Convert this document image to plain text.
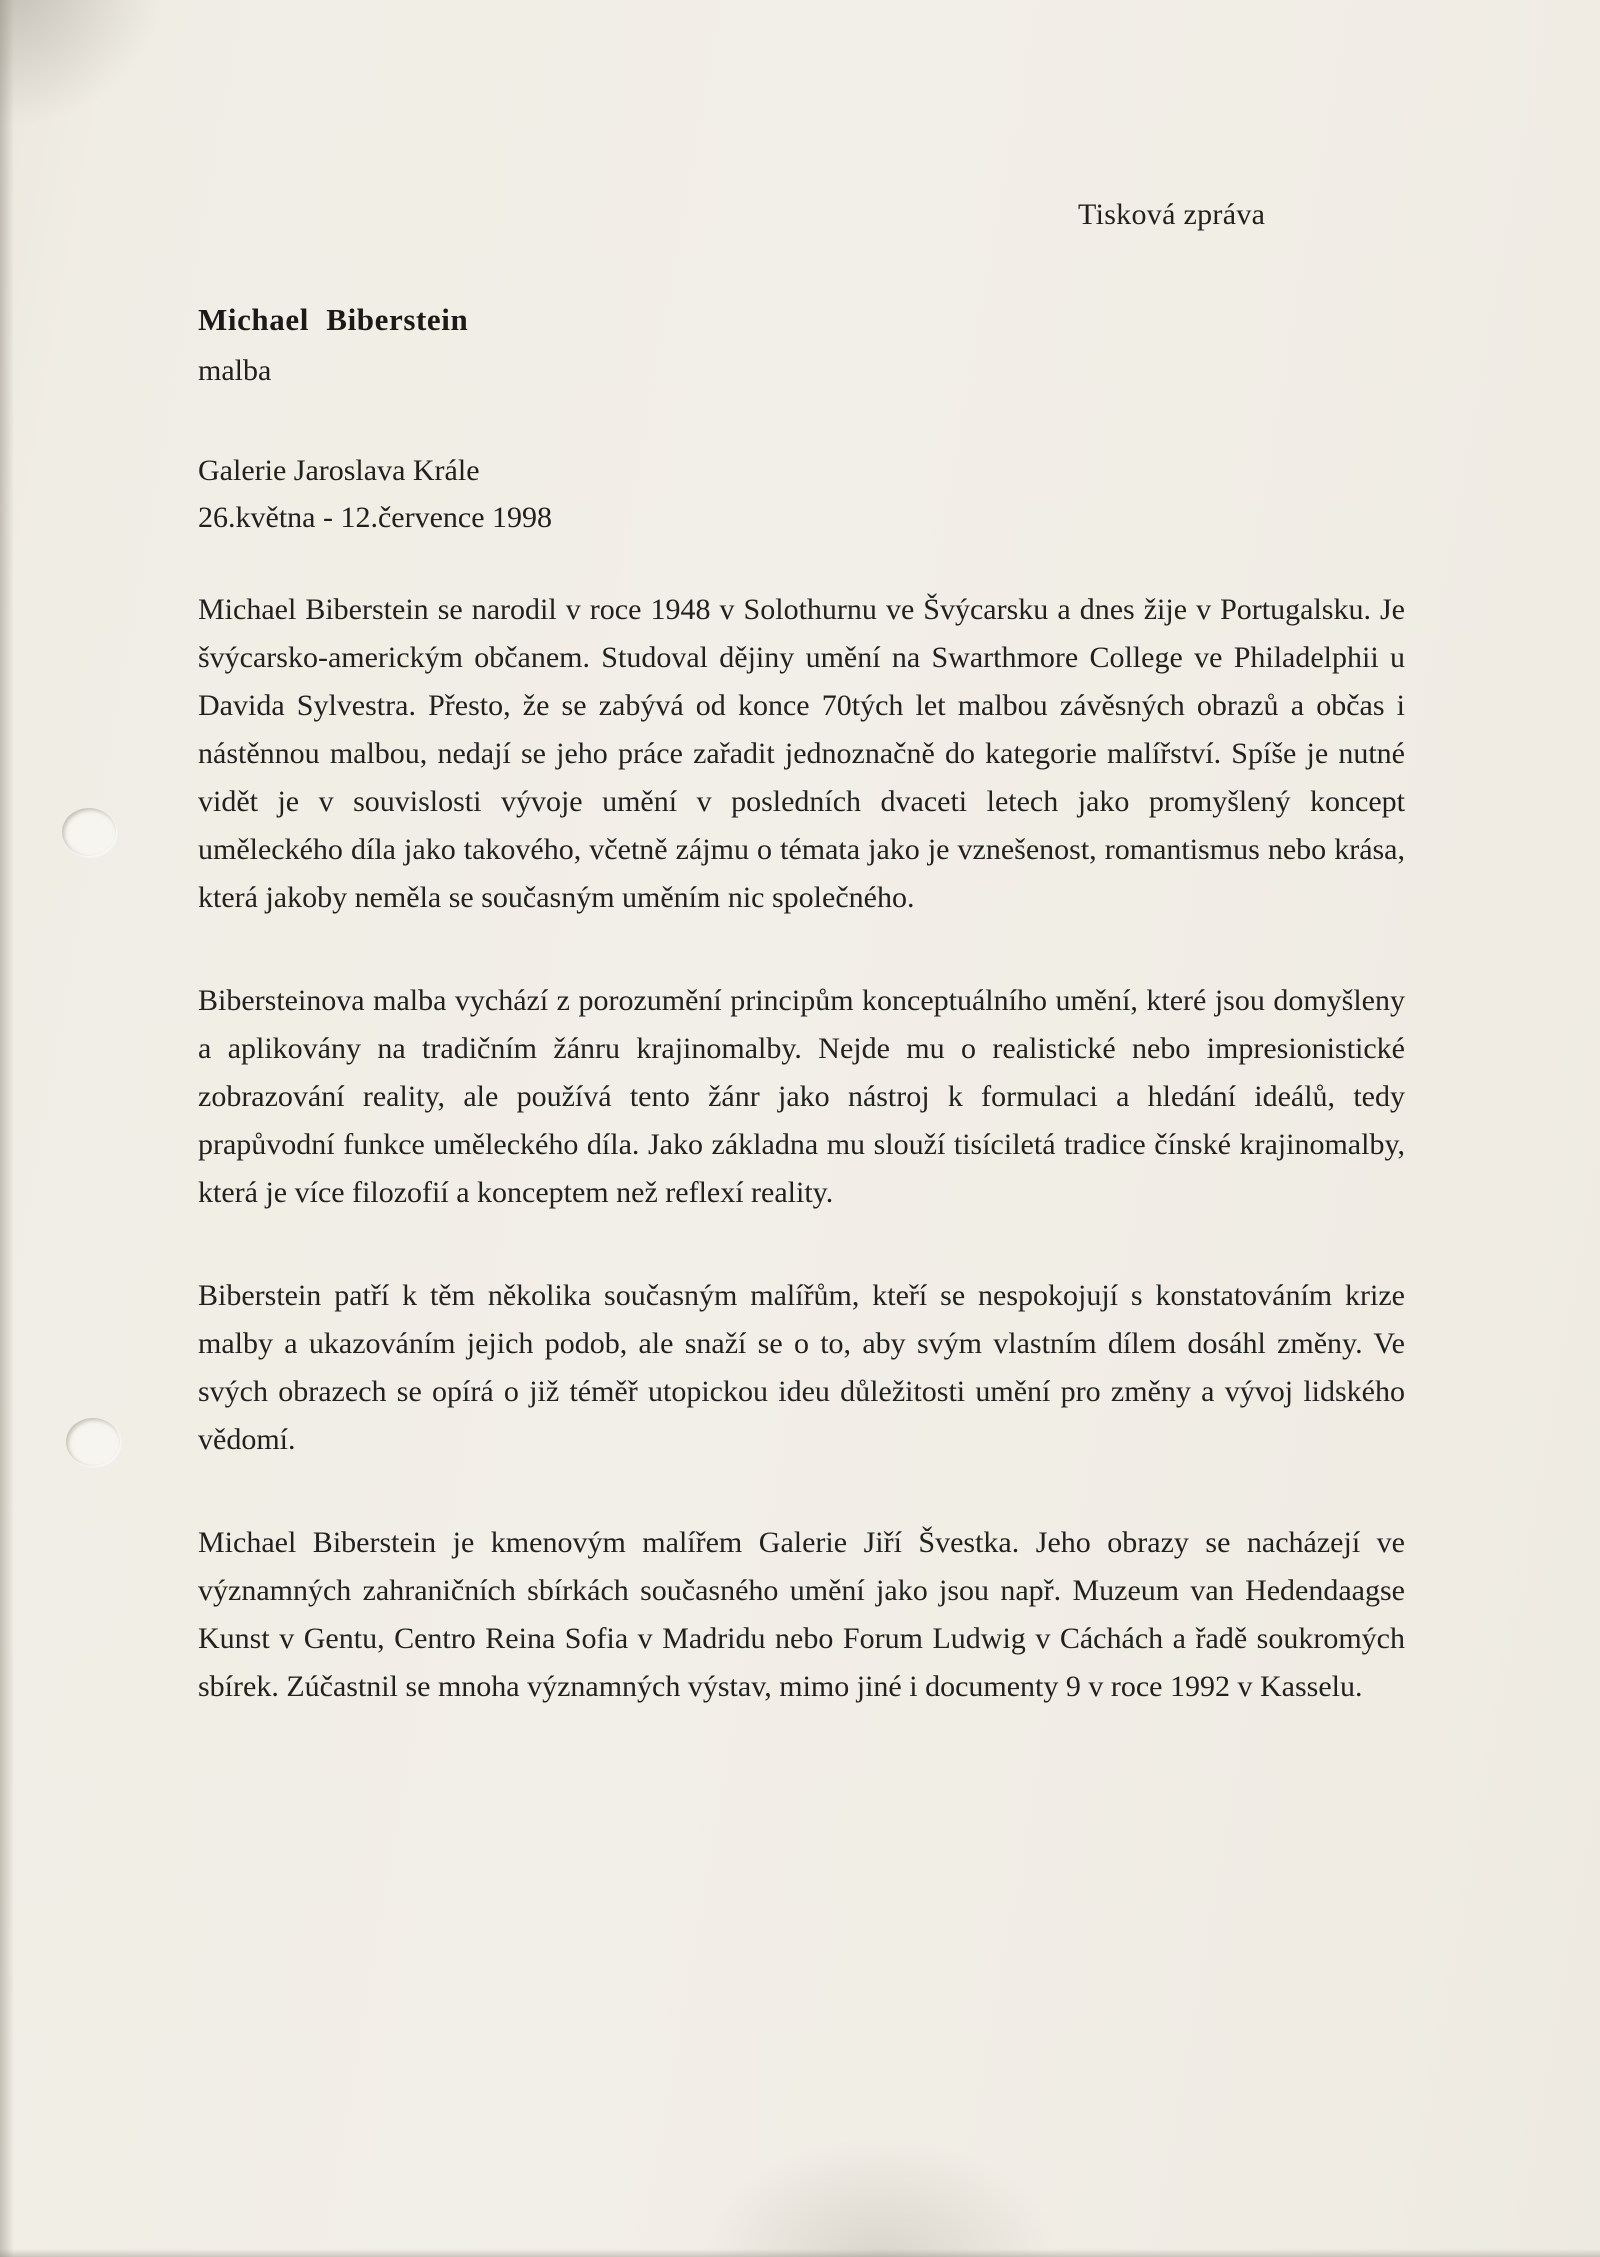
Tisková zpráva
Michael Biberstein
malba
Galerie Jaroslava Krále
26.května - 12.července 1998

Michael Biberstein se narodil v roce 1948 v Solothurnu ve Švýcarsku a dnes žije v Portugalsku. Je švýcarsko-americkým občanem. Studoval dějiny umění na Swarthmore College ve Philadelphii u Davida Sylvestra. Přesto, že se zabývá od konce 70tých let malbou závěsných obrazů a občas i nástěnnou malbou, nedají se jeho práce zařadit jednoznačně do kategorie malířství. Spíše je nutné vidět je v souvislosti vývoje umění v posledních dvaceti letech jako promyšlený koncept uměleckého díla jako takového, včetně zájmu o témata jako je vznešenost, romantismus nebo krása, která jakoby neměla se současným uměním nic společného.

Bibersteinova malba vychází z porozumění principům konceptuálního umění, které jsou domyšleny a aplikovány na tradičním žánru krajinomalby. Nejde mu o realistické nebo impresionistické zobrazování reality, ale používá tento žánr jako nástroj k formulaci a hledání ideálů, tedy prapůvodní funkce uměleckého díla. Jako základna mu slouží tisíciletá tradice čínské krajinomalby, která je více filozofií a konceptem než reflexí reality.

Biberstein patří k těm několika současným malířům, kteří se nespokojují s konstatováním krize malby a ukazováním jejich podob, ale snaží se o to, aby svým vlastním dílem dosáhl změny. Ve svých obrazech se opírá o již téměř utopickou ideu důležitosti umění pro změny a vývoj lidského vědomí.

Michael Biberstein je kmenovým malířem Galerie Jiří Švestka. Jeho obrazy se nacházejí ve významných zahraničních sbírkách současného umění jako jsou např. Muzeum van Hedendaagse Kunst v Gentu, Centro Reina Sofia v Madridu nebo Forum Ludwig v Cáchách a řadě soukromých sbírek. Zúčastnil se mnoha významných výstav, mimo jiné i documenty 9 v roce 1992 v Kasselu.
